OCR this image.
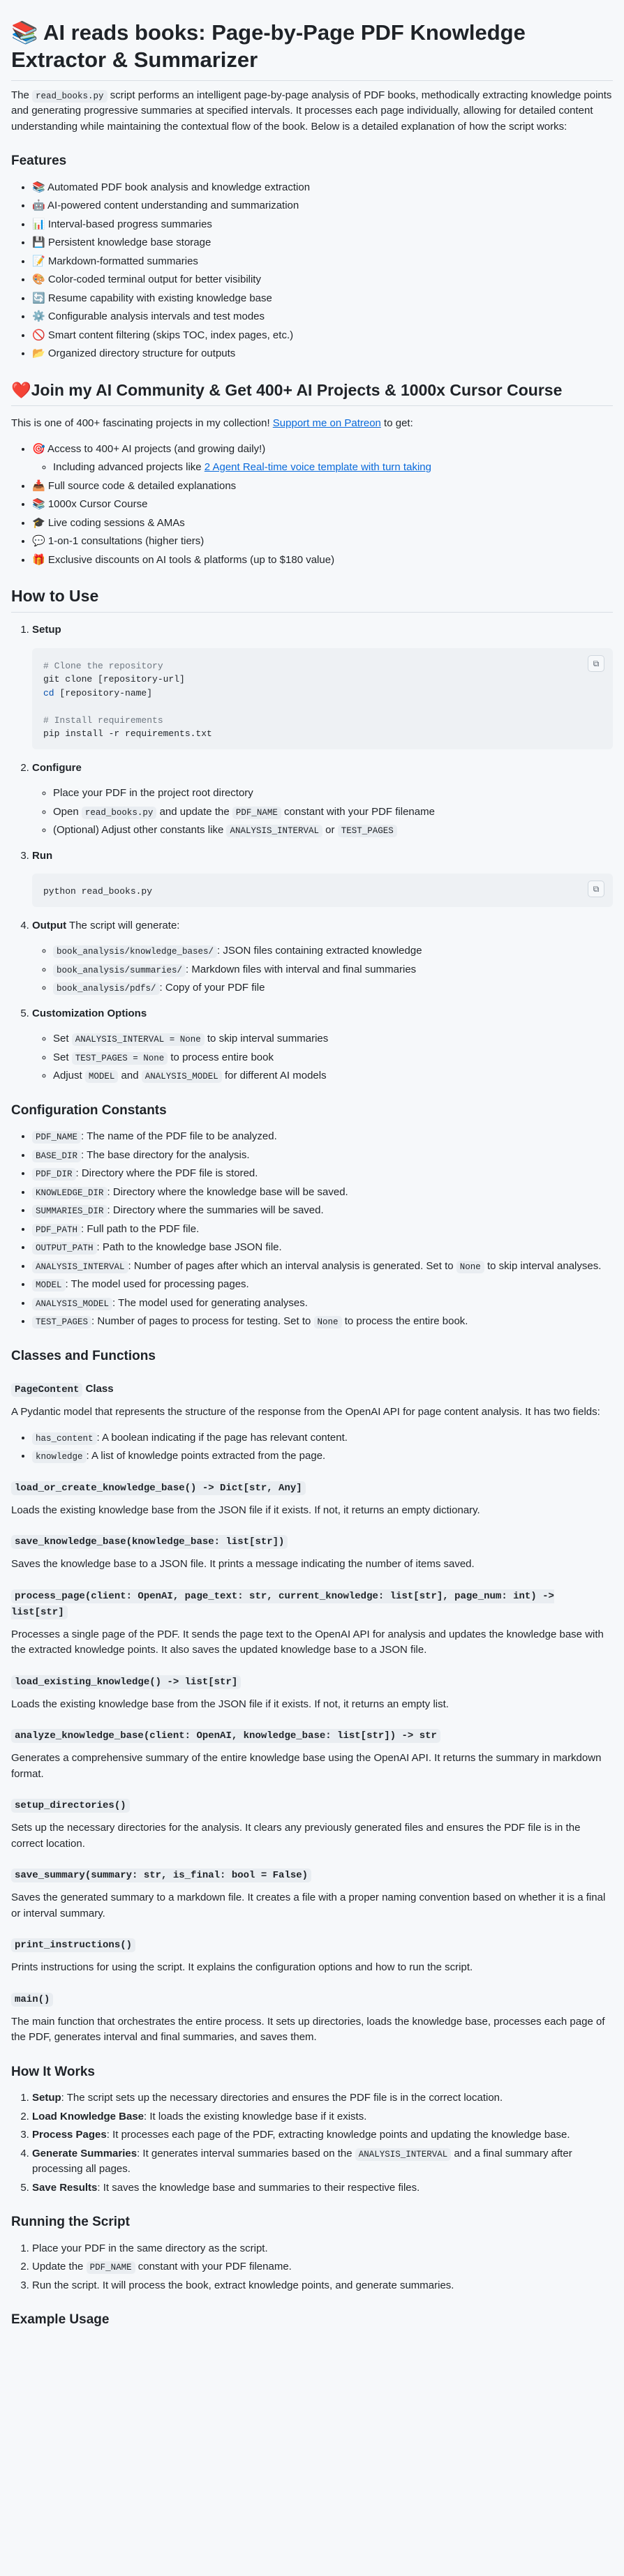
📚 AI reads books: Page-by-Page PDF Knowledge Extractor & Summarizer

The read_books.py script performs an intelligent page-by-page analysis of PDF books, methodically extracting knowledge points and generating progressive summaries at specified intervals. It processes each page individually, allowing for detailed content understanding while maintaining the contextual flow of the book. Below is a detailed explanation of how the script works:

Features
• 📚 Automated PDF book analysis and knowledge extraction
• 🤖 AI-powered content understanding and summarization
• 📊 Interval-based progress summaries
• 💾 Persistent knowledge base storage
• 📝 Markdown-formatted summaries
• 🎨 Color-coded terminal output for better visibility
• 🔄 Resume capability with existing knowledge base
• ⚙️ Configurable analysis intervals and test modes
• 🚫 Smart content filtering (skips TOC, index pages, etc.)
• 📂 Organized directory structure for outputs
❤️Join my AI Community & Get 400+ AI Projects & 1000x Cursor Course

This is one of 400+ fascinating projects in my collection! Support me on Patreon to get:

• 🎯 Access to 400+ AI projects (and growing daily!)
◦ Including advanced projects like 2 Agent Real-time voice template with turn taking
• 📥 Full source code & detailed explanations
• 📚 1000x Cursor Course
• 🎓 Live coding sessions & AMAs
• 💬 1-on-1 consultations (higher tiers)
• 🎁 Exclusive discounts on AI tools & platforms (up to $180 value)
How to Use
1. Setup
⧉
# Clone the repository
git clone [repository-url]
cd [repository-name]

# Install requirements
pip install -r requirements.txt
2. Configure
◦ Place your PDF in the project root directory
◦ Open read_books.py and update the PDF_NAME constant with your PDF filename
◦ (Optional) Adjust other constants like ANALYSIS_INTERVAL or TEST_PAGES
3. Run
⧉
python read_books.py
4. Output The script will generate:
◦ book_analysis/knowledge_bases/ : JSON files containing extracted knowledge
◦ book_analysis/summaries/ : Markdown files with interval and final summaries
◦ book_analysis/pdfs/ : Copy of your PDF file
5. Customization Options
◦ Set ANALYSIS_INTERVAL = None to skip interval summaries
◦ Set TEST_PAGES = None to process entire book
◦ Adjust MODEL and ANALYSIS_MODEL for different AI models
Configuration Constants
• PDF_NAME : The name of the PDF file to be analyzed.
• BASE_DIR : The base directory for the analysis.
• PDF_DIR : Directory where the PDF file is stored.
• KNOWLEDGE_DIR : Directory where the knowledge base will be saved.
• SUMMARIES_DIR : Directory where the summaries will be saved.
• PDF_PATH : Full path to the PDF file.
• OUTPUT_PATH : Path to the knowledge base JSON file.
• ANALYSIS_INTERVAL : Number of pages after which an interval analysis is generated. Set to None to skip interval analyses.
• MODEL : The model used for processing pages.
• ANALYSIS_MODEL : The model used for generating analyses.
• TEST_PAGES : Number of pages to process for testing. Set to None to process the entire book.
Classes and Functions
PageContent Class

A Pydantic model that represents the structure of the response from the OpenAI API for page content analysis. It has two fields:

• has_content : A boolean indicating if the page has relevant content.
• knowledge : A list of knowledge points extracted from the page.
load_or_create_knowledge_base() -> Dict[str, Any]

Loads the existing knowledge base from the JSON file if it exists. If not, it returns an empty dictionary.

save_knowledge_base(knowledge_base: list[str])

Saves the knowledge base to a JSON file. It prints a message indicating the number of items saved.

process_page(client: OpenAI, page_text: str, current_knowledge: list[str], page_num: int) -> list[str]

Processes a single page of the PDF. It sends the page text to the OpenAI API for analysis and updates the knowledge base with the extracted knowledge points. It also saves the updated knowledge base to a JSON file.

load_existing_knowledge() -> list[str]

Loads the existing knowledge base from the JSON file if it exists. If not, it returns an empty list.

analyze_knowledge_base(client: OpenAI, knowledge_base: list[str]) -> str

Generates a comprehensive summary of the entire knowledge base using the OpenAI API. It returns the summary in markdown format.

setup_directories()

Sets up the necessary directories for the analysis. It clears any previously generated files and ensures the PDF file is in the correct location.

save_summary(summary: str, is_final: bool = False)

Saves the generated summary to a markdown file. It creates a file with a proper naming convention based on whether it is a final or interval summary.

print_instructions()

Prints instructions for using the script. It explains the configuration options and how to run the script.

main()

The main function that orchestrates the entire process. It sets up directories, loads the knowledge base, processes each page of the PDF, generates interval and final summaries, and saves them.

How It Works
1. Setup: The script sets up the necessary directories and ensures the PDF file is in the correct location.
2. Load Knowledge Base: It loads the existing knowledge base if it exists.
3. Process Pages: It processes each page of the PDF, extracting knowledge points and updating the knowledge base.
4. Generate Summaries: It generates interval summaries based on the ANALYSIS_INTERVAL and a final summary after processing all pages.
5. Save Results: It saves the knowledge base and summaries to their respective files.
Running the Script
1. Place your PDF in the same directory as the script.
2. Update the PDF_NAME constant with your PDF filename.
3. Run the script. It will process the book, extract knowledge points, and generate summaries.
Example Usage
